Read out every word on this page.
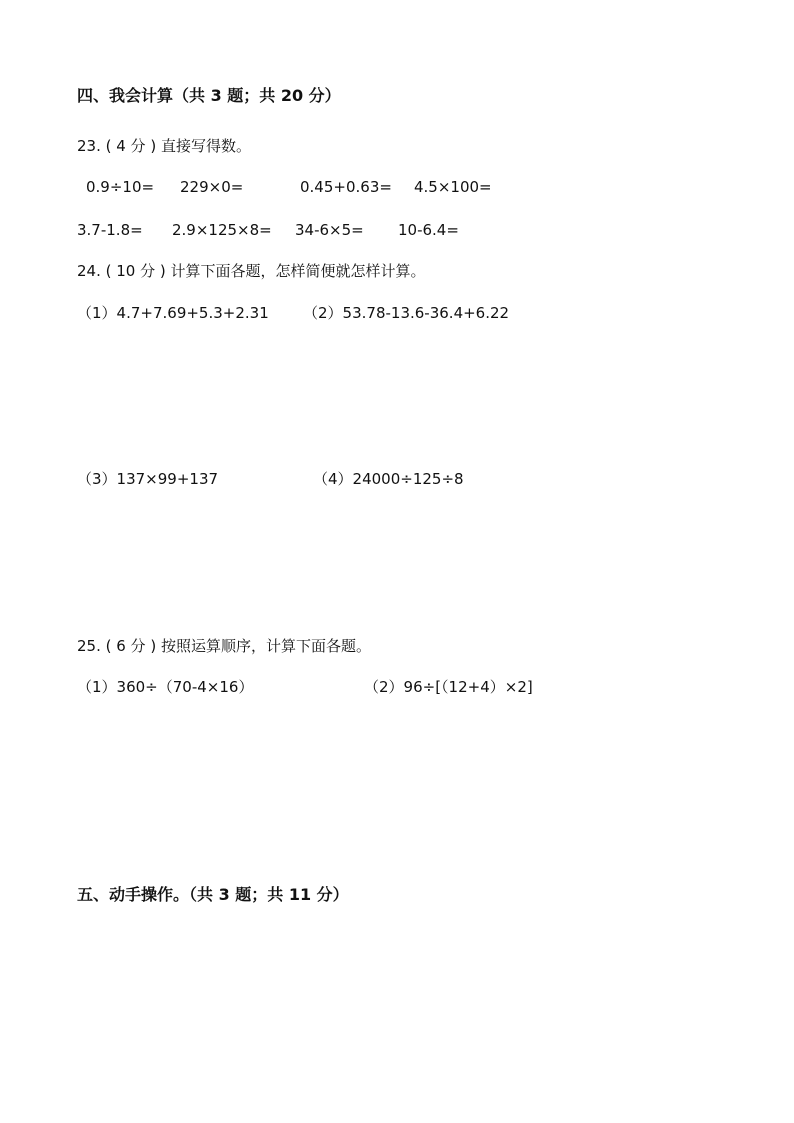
四、我会计算（共 3 题；共 20 分）
23. ( 4 分 ) 直接写得数。
0.9÷10= 229×0=	0.45+0.63= 4.5×100=
3.7-1.8= 2.9×125×8= 34-6×5= 10-6.4=
24. ( 10 分 ) 计算下面各题，怎样简便就怎样计算。
（1）4.7+7.69+5.3+2.31 （2）53.78-13.6-36.4+6.22
（3）137×99+137	（4）24000÷125÷8
25. ( 6 分 ) 按照运算顺序，计算下面各题。
（1）360÷（70-4×16）	（2）96÷[（12+4）×2]
五、动手操作。（共 3 题；共 11 分）
